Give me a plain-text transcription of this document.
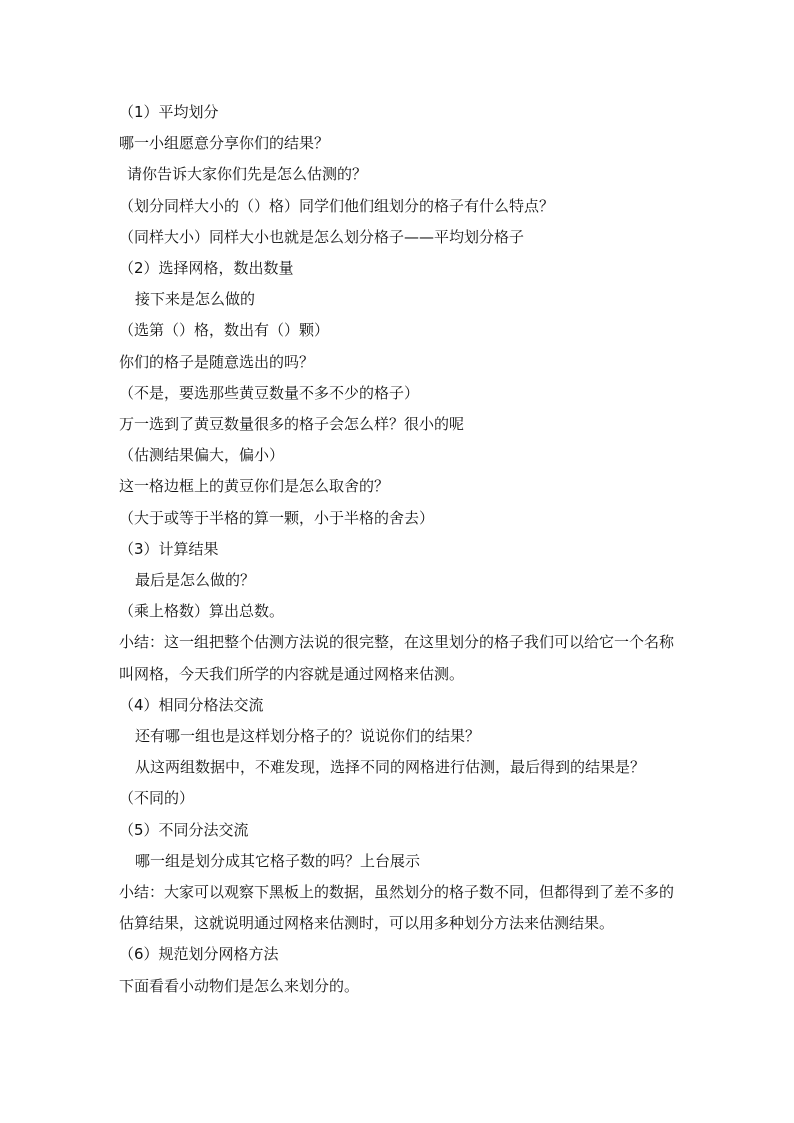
（1）平均划分
哪一小组愿意分享你们的结果？
请你告诉大家你们先是怎么估测的？
（划分同样大小的（）格）同学们他们组划分的格子有什么特点？
（同样大小）同样大小也就是怎么划分格子——平均划分格子
（2）选择网格，数出数量
接下来是怎么做的
（选第（）格，数出有（）颗）
你们的格子是随意选出的吗？
（不是，要选那些黄豆数量不多不少的格子）
万一选到了黄豆数量很多的格子会怎么样？很小的呢
（估测结果偏大，偏小）
这一格边框上的黄豆你们是怎么取舍的？
（大于或等于半格的算一颗，小于半格的舍去）
（3）计算结果
最后是怎么做的？
（乘上格数）算出总数。
小结：这一组把整个估测方法说的很完整，在这里划分的格子我们可以给它一个名称叫网格，今天我们所学的内容就是通过网格来估测。
（4）相同分格法交流
还有哪一组也是这样划分格子的？说说你们的结果？
从这两组数据中，不难发现，选择不同的网格进行估测，最后得到的结果是？
（不同的）
（5）不同分法交流
哪一组是划分成其它格子数的吗？上台展示
小结：大家可以观察下黑板上的数据，虽然划分的格子数不同，但都得到了差不多的估算结果，这就说明通过网格来估测时，可以用多种划分方法来估测结果。
（6）规范划分网格方法
下面看看小动物们是怎么来划分的。
